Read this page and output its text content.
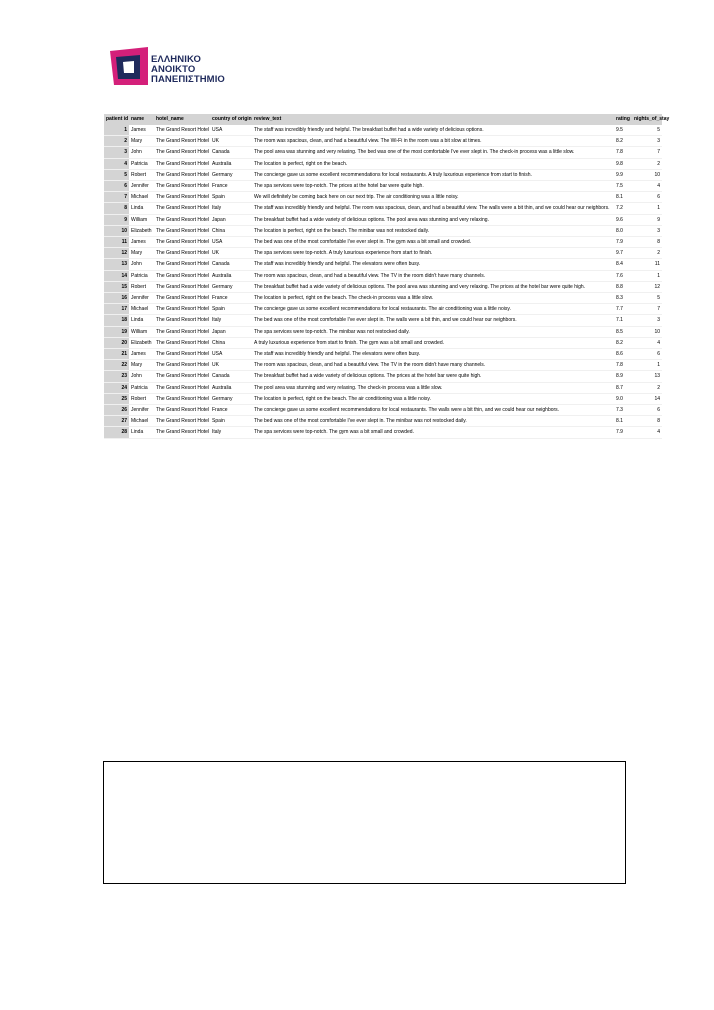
ΕΛΛΗΝΙΚΟ
ΑΝΟΙΚΤΟ
ΠΑΝΕΠΙΣΤΗΜΙΟ
patient id	name	hotel_name	country of origin	review_text	rating	nights_of_stay
1	James	The Grand Resort Hotel	USA	The staff was incredibly friendly and helpful. The breakfast buffet had a wide variety of delicious options.	9.5	5
2	Mary	The Grand Resort Hotel	UK	The room was spacious, clean, and had a beautiful view. The Wi-Fi in the room was a bit slow at times.	8.2	3
3	John	The Grand Resort Hotel	Canada	The pool area was stunning and very relaxing. The bed was one of the most comfortable I've ever slept in. The check-in process was a little slow.	7.8	7
4	Patricia	The Grand Resort Hotel	Australia	The location is perfect, right on the beach.	9.8	2
5	Robert	The Grand Resort Hotel	Germany	The concierge gave us some excellent recommendations for local restaurants. A truly luxurious experience from start to finish.	9.9	10
6	Jennifer	The Grand Resort Hotel	France	The spa services were top-notch. The prices at the hotel bar were quite high.	7.5	4
7	Michael	The Grand Resort Hotel	Spain	We will definitely be coming back here on our next trip. The air conditioning was a little noisy.	8.1	6
8	Linda	The Grand Resort Hotel	Italy	The staff was incredibly friendly and helpful. The room was spacious, clean, and had a beautiful view. The walls were a bit thin, and we could hear our neighbors.	7.2	1
9	William	The Grand Resort Hotel	Japan	The breakfast buffet had a wide variety of delicious options. The pool area was stunning and very relaxing.	9.6	9
10	Elizabeth	The Grand Resort Hotel	China	The location is perfect, right on the beach. The minibar was not restocked daily.	8.0	3
11	James	The Grand Resort Hotel	USA	The bed was one of the most comfortable I've ever slept in. The gym was a bit small and crowded.	7.9	8
12	Mary	The Grand Resort Hotel	UK	The spa services were top-notch. A truly luxurious experience from start to finish.	9.7	2
13	John	The Grand Resort Hotel	Canada	The staff was incredibly friendly and helpful. The elevators were often busy.	8.4	11
14	Patricia	The Grand Resort Hotel	Australia	The room was spacious, clean, and had a beautiful view. The TV in the room didn't have many channels.	7.6	1
15	Robert	The Grand Resort Hotel	Germany	The breakfast buffet had a wide variety of delicious options. The pool area was stunning and very relaxing. The prices at the hotel bar were quite high.	8.8	12
16	Jennifer	The Grand Resort Hotel	France	The location is perfect, right on the beach. The check-in process was a little slow.	8.3	5
17	Michael	The Grand Resort Hotel	Spain	The concierge gave us some excellent recommendations for local restaurants. The air conditioning was a little noisy.	7.7	7
18	Linda	The Grand Resort Hotel	Italy	The bed was one of the most comfortable I've ever slept in. The walls were a bit thin, and we could hear our neighbors.	7.1	3
19	William	The Grand Resort Hotel	Japan	The spa services were top-notch. The minibar was not restocked daily.	8.5	10
20	Elizabeth	The Grand Resort Hotel	China	A truly luxurious experience from start to finish. The gym was a bit small and crowded.	8.2	4
21	James	The Grand Resort Hotel	USA	The staff was incredibly friendly and helpful. The elevators were often busy.	8.6	6
22	Mary	The Grand Resort Hotel	UK	The room was spacious, clean, and had a beautiful view. The TV in the room didn't have many channels.	7.8	1
23	John	The Grand Resort Hotel	Canada	The breakfast buffet had a wide variety of delicious options. The prices at the hotel bar were quite high.	8.9	13
24	Patricia	The Grand Resort Hotel	Australia	The pool area was stunning and very relaxing. The check-in process was a little slow.	8.7	2
25	Robert	The Grand Resort Hotel	Germany	The location is perfect, right on the beach. The air conditioning was a little noisy.	9.0	14
26	Jennifer	The Grand Resort Hotel	France	The concierge gave us some excellent recommendations for local restaurants. The walls were a bit thin, and we could hear our neighbors.	7.3	6
27	Michael	The Grand Resort Hotel	Spain	The bed was one of the most comfortable I've ever slept in. The minibar was not restocked daily.	8.1	8
28	Linda	The Grand Resort Hotel	Italy	The spa services were top-notch. The gym was a bit small and crowded.	7.9	4
